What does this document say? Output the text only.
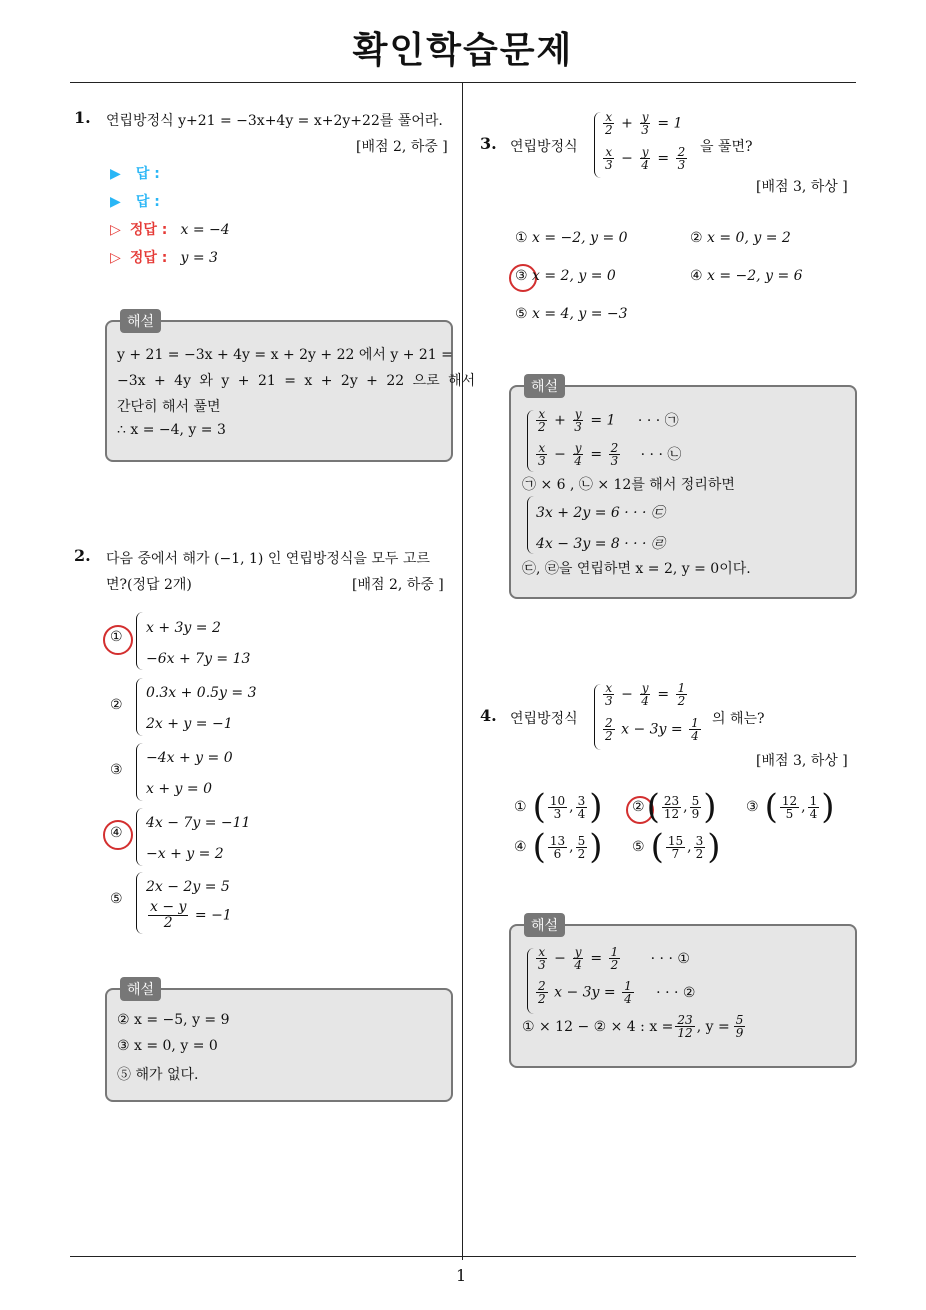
확인학습문제
1
1. 연립방정식 y+21 = −3x+4y = x+2y+22를 풀어라.
[배점 2, 하중 ]
▶ 답 :
▶ 답 :
▷ 정답 : x = −4
▷ 정답 : y = 3
해설
y + 21 = −3x + 4y = x + 2y + 22 에서 y + 21 =
−3x + 4y 와 y + 21 = x + 2y + 22 으로 해서
간단히 해서 풀면
∴ x = −4, y = 3
2. 다음 중에서 해가 (−1, 1) 인 연립방정식을 모두 고르
면?(정답 2개)	[배점 2, 하중 ]
①
x + 3y = 2
−6x + 7y = 13
②
0.3x + 0.5y = 3
2x + y = −1
③
−4x + y = 0
x + y = 0
④
4x − 7y = −11
−x + y = 2
⑤
2x − 2y = 5
$\frac{x - y}{2} = -1$
해설
② x = −5, y = 9
③ x = 0, y = 0
⑤ 해가 없다.
3. 연립방정식
$\frac{x}{2} + \frac{y}{3} = 1$
$\frac{x}{3} - \frac{y}{4} = \frac{2}{3}$ 을 풀면?
[배점 3, 하상 ]
① x = −2, y = 0	② x = 0, y = 2
③ x = 2, y = 0	④ x = −2, y = 6
⑤ x = 4, y = −3
해설
$\frac{x}{2} + \frac{y}{3} = 1$ · · · ㉠
$\frac{x}{3} - \frac{y}{4} = \frac{2}{3}$ · · · ㉡
㉠ × 6 , ㉡ × 12를 해서 정리하면
3x + 2y = 6 · · · ㉢
4x − 3y = 8 · · · ㉣
㉢, ㉣을 연립하면 x = 2, y = 0이다.
4. 연립방정식
$\frac{x}{3} - \frac{y}{4} = \frac{1}{2}$
$\frac{2}{2}$ $x - 3y = \frac{1}{4}$ 의 해는?
[배점 3, 하상 ]
① ( $\frac{10}{3}$ , $\frac{3}{4}$ ) ② ( $\frac{23}{12}$ , $\frac{5}{9}$ ) ③ ( $\frac{12}{5}$ , $\frac{1}{4}$ )
④ ( $\frac{13}{6}$ , $\frac{5}{2}$ ) ⑤ ( $\frac{15}{7}$ , $\frac{3}{2}$ )
해설
$\frac{x}{3} - \frac{y}{4} = \frac{1}{2}$ · · · ①
$\frac{2}{2}$ $x - 3y = \frac{1}{4}$ · · · ②
① × 12 − ② × 4 : $x = \frac{23}{12}$ , $y = \frac{5}{9}$
